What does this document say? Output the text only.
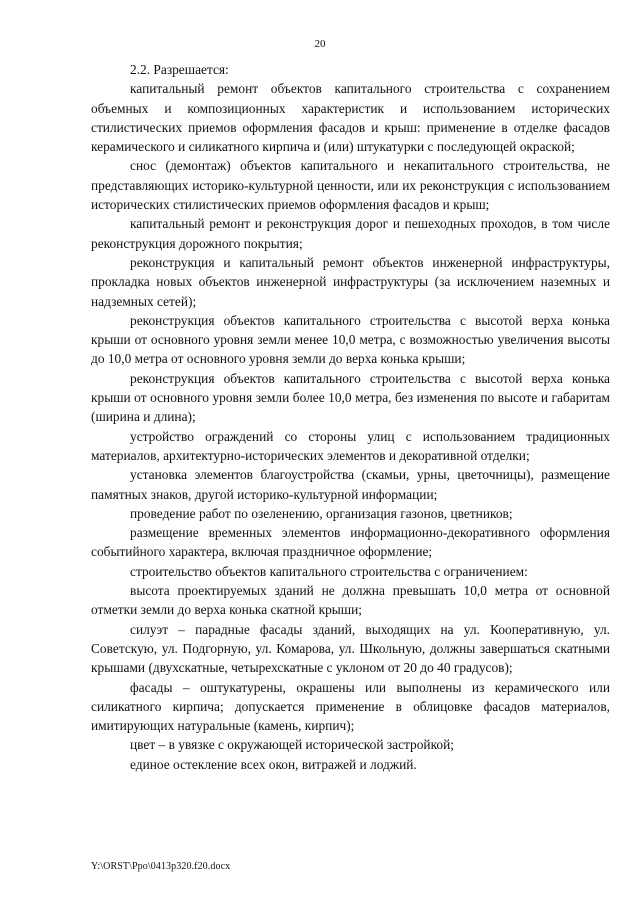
20

2.2. Разрешается:

капитальный ремонт объектов капитального строительства с сохранением объемных и композиционных характеристик и использованием исторических стилистических приемов оформления фасадов и крыш: применение в отделке фасадов керамического и силикатного кирпича и (или) штукатурки с последующей окраской;

снос (демонтаж) объектов капитального и некапитального строительства, не представляющих историко-культурной ценности, или их реконструкция с использованием исторических стилистических приемов оформления фасадов и крыш;

капитальный ремонт и реконструкция дорог и пешеходных проходов, в том числе реконструкция дорожного покрытия;

реконструкция и капитальный ремонт объектов инженерной инфраструктуры, прокладка новых объектов инженерной инфраструктуры (за исключением наземных и надземных сетей);

реконструкция объектов капитального строительства с высотой верха конька крыши от основного уровня земли менее 10,0 метра, с возможностью увеличения высоты до 10,0 метра от основного уровня земли до верха конька крыши;

реконструкция объектов капитального строительства с высотой верха конька крыши от основного уровня земли более 10,0 метра, без изменения по высоте и габаритам (ширина и длина);

устройство ограждений со стороны улиц с использованием традиционных материалов, архитектурно-исторических элементов и декоративной отделки;

установка элементов благоустройства (скамьи, урны, цветочницы), размещение памятных знаков, другой историко-культурной информации;

проведение работ по озеленению, организация газонов, цветников;

размещение временных элементов информационно-декоративного оформления событийного характера, включая праздничное оформление;

строительство объектов капитального строительства с ограничением:

высота проектируемых зданий не должна превышать 10,0 метра от основной отметки земли до верха конька скатной крыши;

силуэт – парадные фасады зданий, выходящих на ул. Кооперативную, ул. Советскую, ул. Подгорную, ул. Комарова, ул. Школьную, должны завершаться скатными крышами (двухскатные, четырехскатные с уклоном от 20 до 40 градусов);

фасады – оштукатурены, окрашены или выполнены из керамического или силикатного кирпича; допускается применение в облицовке фасадов материалов, имитирующих натуральные (камень, кирпич);

цвет – в увязке с окружающей исторической застройкой;

единое остекление всех окон, витражей и лоджий.

Y:\ORST\Ppo\0413p320.f20.docx
